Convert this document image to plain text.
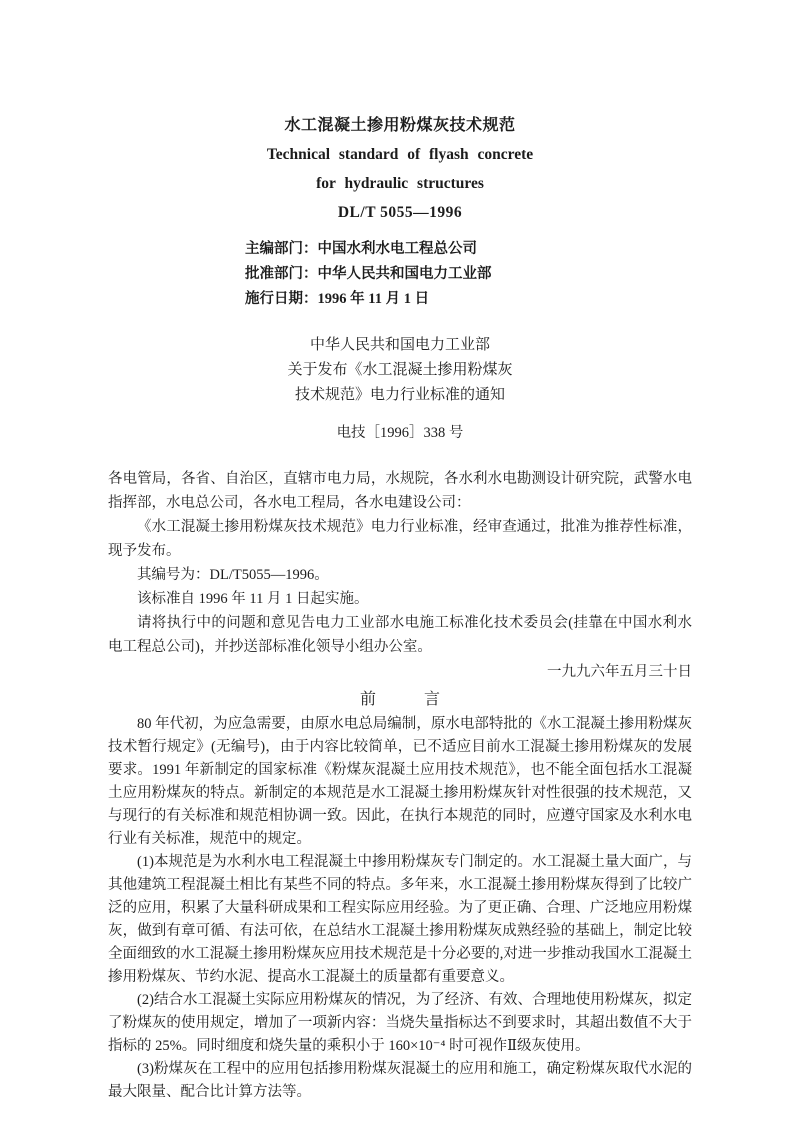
水工混凝土掺用粉煤灰技术规范

Technical standard of flyash concrete

for hydraulic structures

DL/T 5055—1996

主编部门：中国水利水电工程总公司
批准部门：中华人民共和国电力工业部
施行日期：1996 年 11 月 1 日
中华人民共和国电力工业部
关于发布《水工混凝土掺用粉煤灰
技术规范》电力行业标准的通知
电技［1996］338 号

各电管局，各省、自治区，直辖市电力局，水规院，各水利水电勘测设计研究院，武警水电指挥部，水电总公司，各水电工程局，各水电建设公司：

《水工混凝土掺用粉煤灰技术规范》电力行业标准，经审查通过，批准为推荐性标准，现予发布。

其编号为：DL/T5055—1996。

该标准自 1996 年 11 月 1 日起实施。

请将执行中的问题和意见告电力工业部水电施工标准化技术委员会(挂靠在中国水利水电工程总公司)，并抄送部标准化领导小组办公室。

一九九六年五月三十日
前　　　言

80 年代初，为应急需要，由原水电总局编制，原水电部特批的《水工混凝土掺用粉煤灰技术暂行规定》(无编号)，由于内容比较简单，已不适应目前水工混凝土掺用粉煤灰的发展要求。1991 年新制定的国家标准《粉煤灰混凝土应用技术规范》，也不能全面包括水工混凝土应用粉煤灰的特点。新制定的本规范是水工混凝土掺用粉煤灰针对性很强的技术规范，又与现行的有关标准和规范相协调一致。因此，在执行本规范的同时，应遵守国家及水利水电行业有关标准，规范中的规定。

(1)本规范是为水利水电工程混凝土中掺用粉煤灰专门制定的。水工混凝土量大面广，与其他建筑工程混凝土相比有某些不同的特点。多年来，水工混凝土掺用粉煤灰得到了比较广泛的应用，积累了大量科研成果和工程实际应用经验。为了更正确、合理、广泛地应用粉煤灰，做到有章可循、有法可依，在总结水工混凝土掺用粉煤灰成熟经验的基础上，制定比较全面细致的水工混凝土掺用粉煤灰应用技术规范是十分必要的,对进一步推动我国水工混凝土掺用粉煤灰、节约水泥、提高水工混凝土的质量都有重要意义。

(2)结合水工混凝土实际应用粉煤灰的情况，为了经济、有效、合理地使用粉煤灰，拟定了粉煤灰的使用规定，增加了一项新内容：当烧失量指标达不到要求时，其超出数值不大于指标的 25%。同时细度和烧失量的乘积小于 160×10⁻⁴ 时可视作Ⅱ级灰使用。

(3)粉煤灰在工程中的应用包括掺用粉煤灰混凝土的应用和施工，确定粉煤灰取代水泥的最大限量、配合比计算方法等。
